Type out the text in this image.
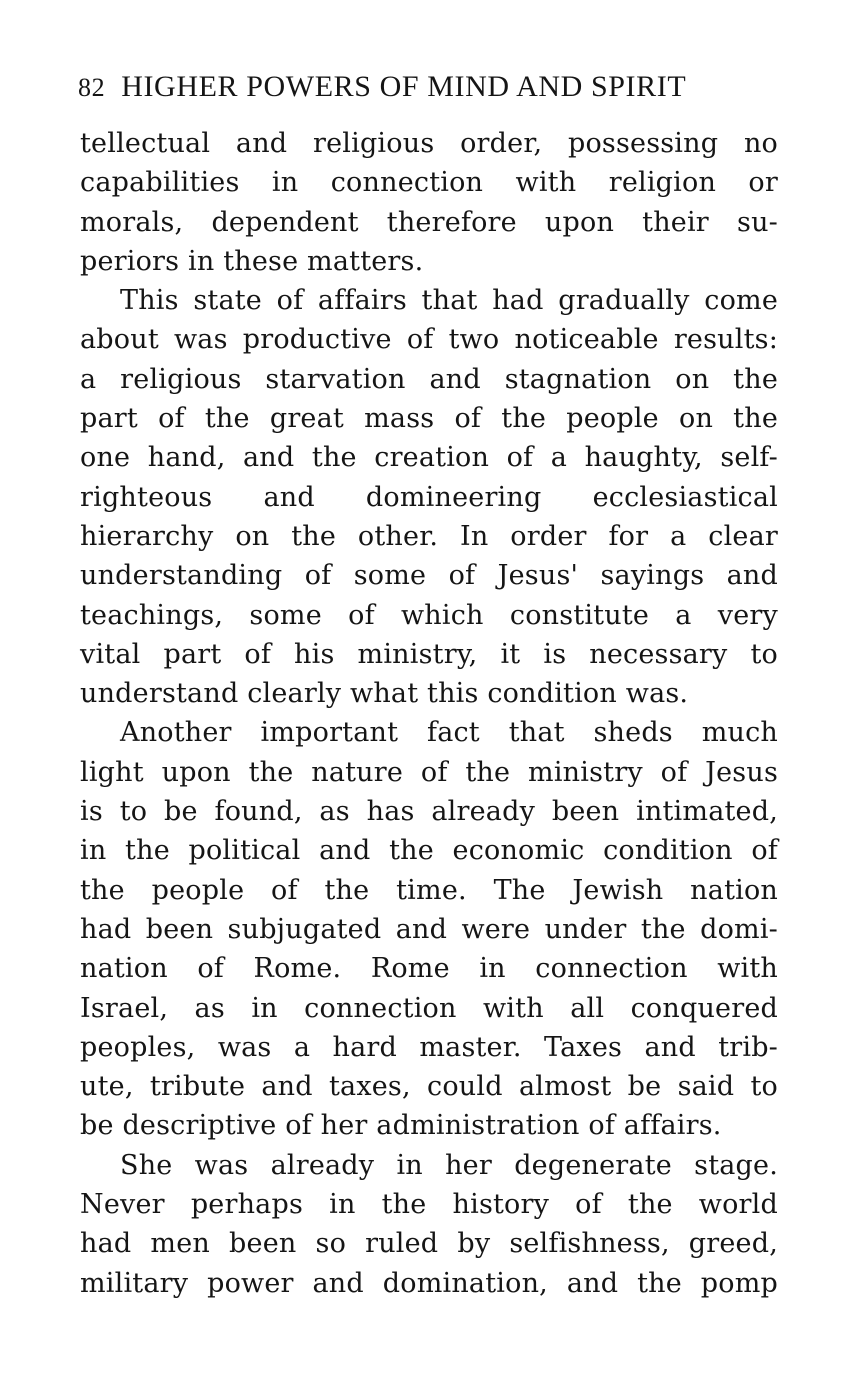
82 HIGHER POWERS OF MIND AND SPIRIT
tellectual and religious order, possessing no
capabilities in connection with religion or
morals, dependent therefore upon their su-
periors in these matters.
This state of affairs that had gradually come
about was productive of two noticeable results:
a religious starvation and stagnation on the
part of the great mass of the people on the
one hand, and the creation of a haughty, self-
righteous and domineering ecclesiastical
hierarchy on the other. In order for a clear
understanding of some of Jesus' sayings and
teachings, some of which constitute a very
vital part of his ministry, it is necessary to
understand clearly what this condition was.
Another important fact that sheds much
light upon the nature of the ministry of Jesus
is to be found, as has already been intimated,
in the political and the economic condition of
the people of the time. The Jewish nation
had been subjugated and were under the domi-
nation of Rome. Rome in connection with
Israel, as in connection with all conquered
peoples, was a hard master. Taxes and trib-
ute, tribute and taxes, could almost be said to
be descriptive of her administration of affairs.
She was already in her degenerate stage.
Never perhaps in the history of the world
had men been so ruled by selfishness, greed,
military power and domination, and the pomp
